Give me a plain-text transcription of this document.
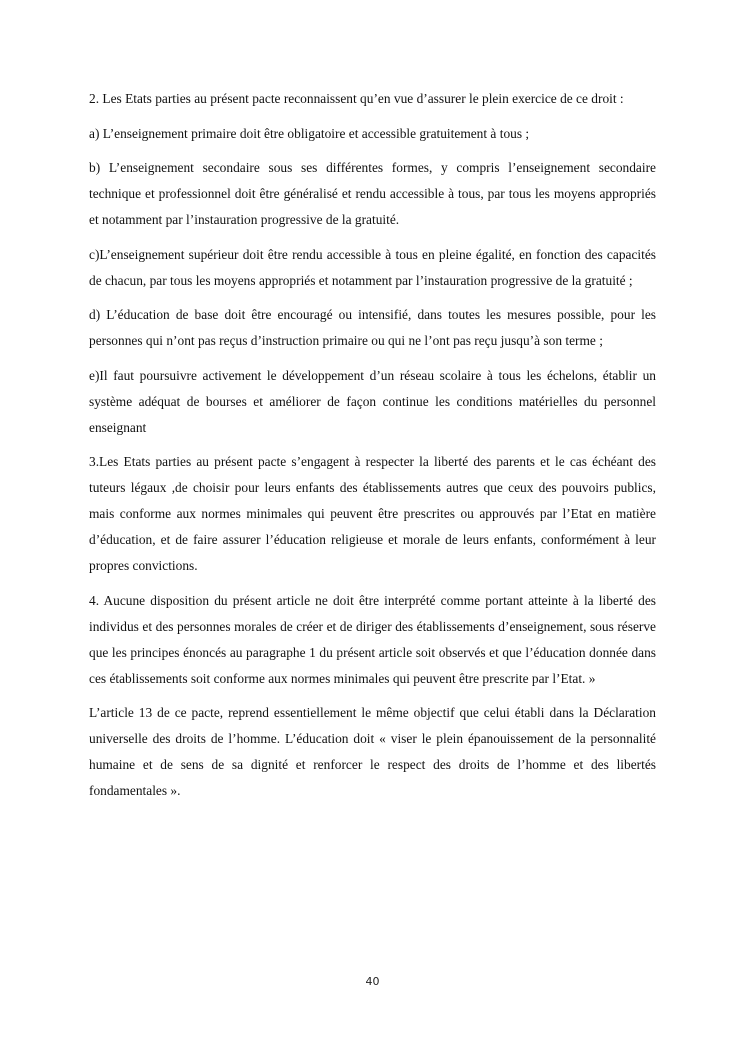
2. Les Etats parties au présent pacte reconnaissent qu’en vue d’assurer le plein exercice de ce droit :

a) L’enseignement primaire doit être obligatoire et accessible gratuitement à tous ;

b) L’enseignement secondaire sous ses différentes formes, y compris l’enseignement secondaire technique et professionnel doit être généralisé et rendu accessible à tous, par tous les moyens appropriés et notamment par l’instauration progressive de la gratuité.

c)L’enseignement supérieur doit être rendu accessible à tous en pleine égalité, en fonction des capacités de chacun, par tous les moyens appropriés et notamment par l’instauration progressive de la gratuité ;

d) L’éducation de base doit être encouragé ou intensifié, dans toutes les mesures possible, pour les personnes qui n’ont pas reçus d’instruction primaire ou qui ne l’ont pas reçu jusqu’à son terme ;

e)Il faut poursuivre activement le développement d’un réseau scolaire à tous les échelons, établir un système adéquat de bourses et améliorer de façon continue les conditions matérielles du personnel enseignant

3.Les Etats parties au présent pacte s’engagent à respecter la liberté des parents et le cas échéant des tuteurs légaux ,de choisir pour leurs enfants des établissements autres que ceux des pouvoirs publics, mais conforme aux normes minimales qui peuvent être prescrites ou approuvés par l’Etat en matière d’éducation, et de faire assurer l’éducation religieuse et morale de leurs enfants, conformément à leur propres convictions.

4. Aucune disposition du présent article ne doit être interprété comme portant atteinte à la liberté des individus et des personnes morales de créer et de diriger des établissements d’enseignement, sous réserve que les principes énoncés au paragraphe 1 du présent article soit observés et que l’éducation donnée dans ces établissements soit conforme aux normes minimales qui peuvent être prescrite par l’Etat. »

L’article 13 de ce pacte, reprend essentiellement le même objectif que celui établi dans la Déclaration universelle des droits de l’homme. L’éducation doit « viser le plein épanouissement de la personnalité humaine et de sens de sa dignité et renforcer le respect des droits de l’homme et des libertés fondamentales ».

40
